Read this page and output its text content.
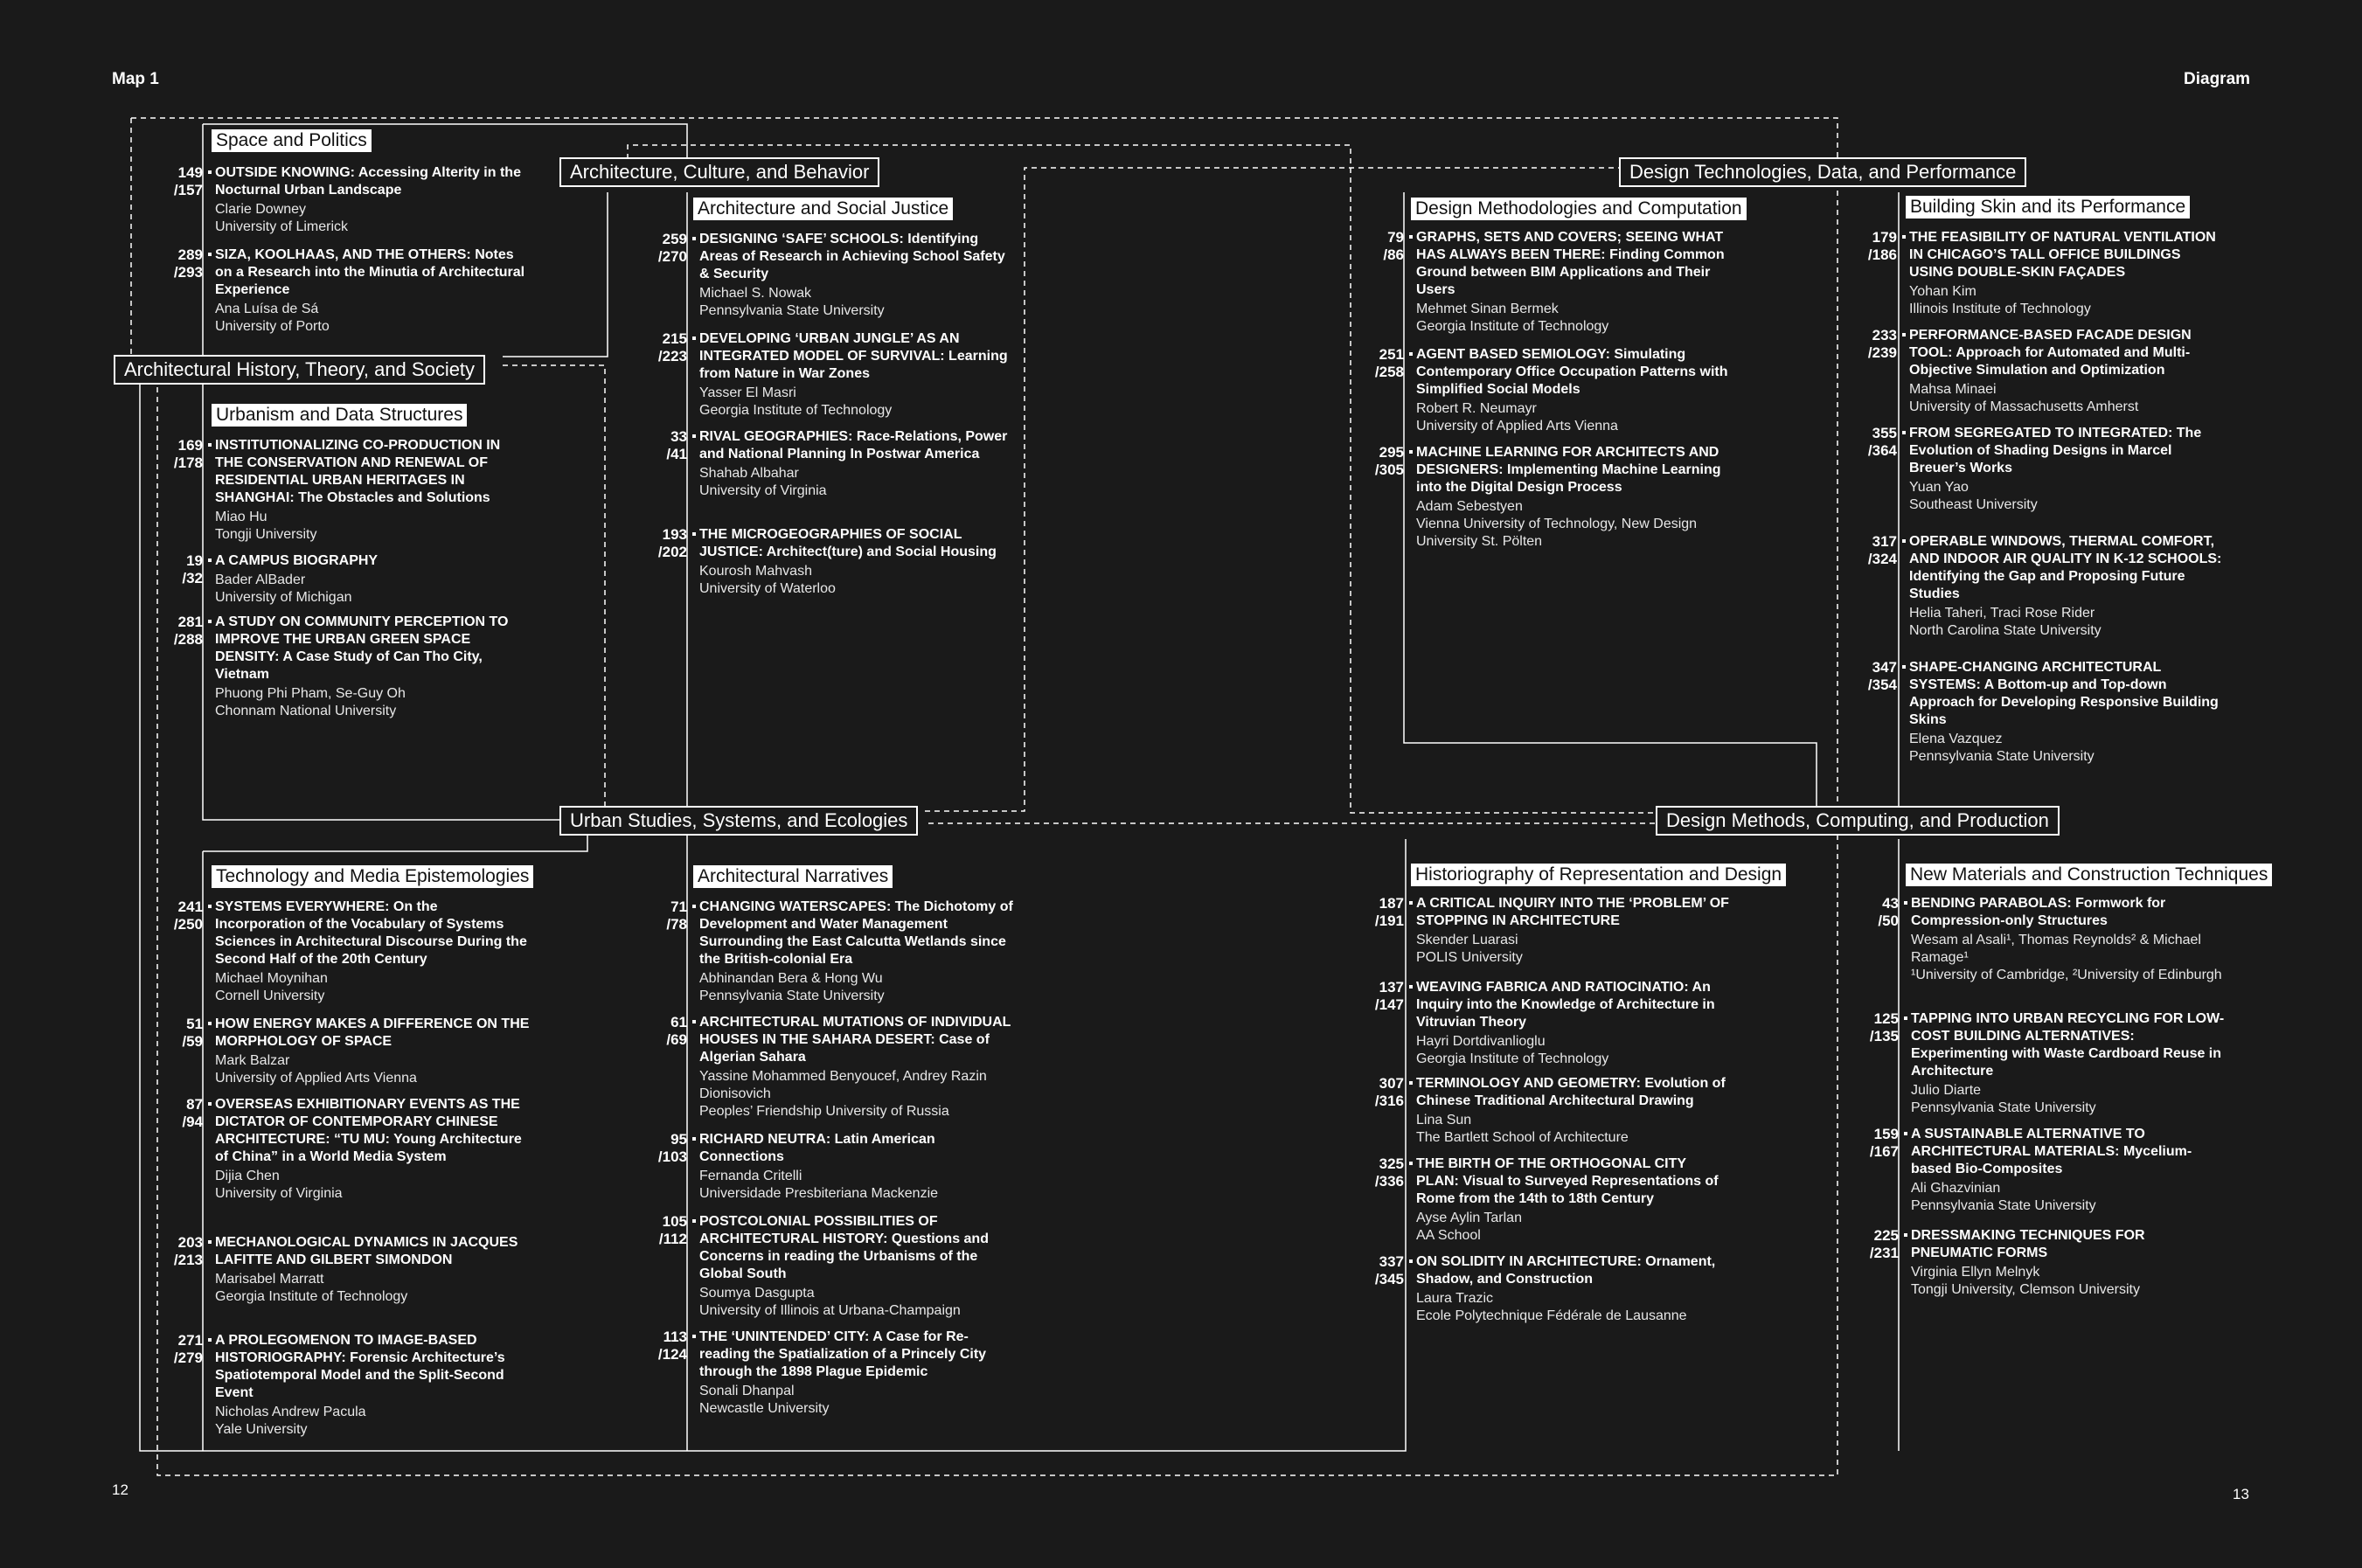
Map 1	Diagram
12	13
Architectural History, Theory, and Society
Architecture, Culture, and Behavior
Urban Studies, Systems, and Ecologies
Design Technologies, Data, and Performance
Design Methods, Computing, and Production
Space and Politics
Urbanism and Data Structures
Architecture and Social Justice	Design Methodologies and Computation	Building Skin and its Performance
Technology and Media Epistemologies	Architectural Narratives	Historiography of Representation and Design	New Materials and Construction Techniques
149
/157
OUTSIDE KNOWING: Accessing Alterity in the Nocturnal Urban Landscape
Clarie Downey
University of Limerick
289
/293
SIZA, KOOLHAAS, AND THE OTHERS: Notes on a Research into the Minutia of Architectural Experience
Ana Luísa de Sá
University of Porto
169
/178
INSTITUTIONALIZING CO-PRODUCTION IN THE CONSERVATION AND RENEWAL OF RESIDENTIAL URBAN HERITAGES IN SHANGHAI: The Obstacles and Solutions
Miao Hu
Tongji University
19
/32
A CAMPUS BIOGRAPHY
Bader AlBader
University of Michigan
281
/288
A STUDY ON COMMUNITY PERCEPTION TO IMPROVE THE URBAN GREEN SPACE DENSITY: A Case Study of Can Tho City, Vietnam
Phuong Phi Pham, Se-Guy Oh
Chonnam National University
259
/270
DESIGNING ‘SAFE’ SCHOOLS: Identifying Areas of Research in Achieving School Safety & Security
Michael S. Nowak
Pennsylvania State University
215
/223
DEVELOPING ‘URBAN JUNGLE’ AS AN INTEGRATED MODEL OF SURVIVAL: Learning from Nature in War Zones
Yasser El Masri
Georgia Institute of Technology
33
/41
RIVAL GEOGRAPHIES: Race-Relations, Power and National Planning In Postwar America
Shahab Albahar
University of Virginia
193
/202
THE MICROGEOGRAPHIES OF SOCIAL JUSTICE: Architect(ture) and Social Housing
Kourosh Mahvash
University of Waterloo
79
/86
GRAPHS, SETS AND COVERS; SEEING WHAT HAS ALWAYS BEEN THERE: Finding Common Ground between BIM Applications and Their Users
Mehmet Sinan Bermek
Georgia Institute of Technology
251
/258
AGENT BASED SEMIOLOGY: Simulating Contemporary Office Occupation Patterns with Simplified Social Models
Robert R. Neumayr
University of Applied Arts Vienna
295
/305
MACHINE LEARNING FOR ARCHITECTS AND DESIGNERS: Implementing Machine Learning into the Digital Design Process
Adam Sebestyen
Vienna University of Technology, New Design University St. Pölten
179
/186
THE FEASIBILITY OF NATURAL VENTILATION IN CHICAGO’S TALL OFFICE BUILDINGS USING DOUBLE-SKIN FAÇADES
Yohan Kim
Illinois Institute of Technology
233
/239
PERFORMANCE-BASED FACADE DESIGN TOOL: Approach for Automated and Multi-Objective Simulation and Optimization
Mahsa Minaei
University of Massachusetts Amherst
355
/364
FROM SEGREGATED TO INTEGRATED: The Evolution of Shading Designs in Marcel Breuer’s Works
Yuan Yao
Southeast University
317
/324
OPERABLE WINDOWS, THERMAL COMFORT, AND INDOOR AIR QUALITY IN K-12 SCHOOLS: Identifying the Gap and Proposing Future Studies
Helia Taheri, Traci Rose Rider
North Carolina State University
347
/354
SHAPE-CHANGING ARCHITECTURAL SYSTEMS: A Bottom-up and Top-down Approach for Developing Responsive Building Skins
Elena Vazquez
Pennsylvania State University
241
/250
SYSTEMS EVERYWHERE: On the Incorporation of the Vocabulary of Systems Sciences in Architectural Discourse During the Second Half of the 20th Century
Michael Moynihan
Cornell University
51
/59
HOW ENERGY MAKES A DIFFERENCE ON THE MORPHOLOGY OF SPACE
Mark Balzar
University of Applied Arts Vienna
87
/94
OVERSEAS EXHIBITIONARY EVENTS AS THE DICTATOR OF CONTEMPORARY CHINESE ARCHITECTURE: “TU MU: Young Architecture of China” in a World Media System
Dijia Chen
University of Virginia
203
/213
MECHANOLOGICAL DYNAMICS IN JACQUES LAFITTE AND GILBERT SIMONDON
Marisabel Marratt
Georgia Institute of Technology
271
/279
A PROLEGOMENON TO IMAGE-BASED HISTORIOGRAPHY: Forensic Architecture’s Spatiotemporal Model and the Split-Second Event
Nicholas Andrew Pacula
Yale University
71
/78
CHANGING WATERSCAPES: The Dichotomy of Development and Water Management Surrounding the East Calcutta Wetlands since the British-colonial Era
Abhinandan Bera & Hong Wu
Pennsylvania State University
61
/69
ARCHITECTURAL MUTATIONS OF INDIVIDUAL HOUSES IN THE SAHARA DESERT: Case of Algerian Sahara
Yassine Mohammed Benyoucef, Andrey Razin Dionisovich
Peoples’ Friendship University of Russia
95
/103
RICHARD NEUTRA: Latin American Connections
Fernanda Critelli
Universidade Presbiteriana Mackenzie
105
/112
POSTCOLONIAL POSSIBILITIES OF ARCHITECTURAL HISTORY: Questions and Concerns in reading the Urbanisms of the Global South
Soumya Dasgupta
University of Illinois at Urbana-Champaign
113
/124
THE ‘UNINTENDED’ CITY: A Case for Re-reading the Spatialization of a Princely City through the 1898 Plague Epidemic
Sonali Dhanpal
Newcastle University
187
/191
A CRITICAL INQUIRY INTO THE ‘PROBLEM’ OF STOPPING IN ARCHITECTURE
Skender Luarasi
POLIS University
137
/147
WEAVING FABRICA AND RATIOCINATIO: An Inquiry into the Knowledge of Architecture in Vitruvian Theory
Hayri Dortdivanlioglu
Georgia Institute of Technology
307
/316
TERMINOLOGY AND GEOMETRY: Evolution of Chinese Traditional Architectural Drawing
Lina Sun
The Bartlett School of Architecture
325
/336
THE BIRTH OF THE ORTHOGONAL CITY PLAN: Visual to Surveyed Representations of Rome from the 14th to 18th Century
Ayse Aylin Tarlan
AA School
337
/345
ON SOLIDITY IN ARCHITECTURE: Ornament, Shadow, and Construction
Laura Trazic
Ecole Polytechnique Fédérale de Lausanne
43
/50
BENDING PARABOLAS: Formwork for Compression-only Structures
Wesam al Asali¹, Thomas Reynolds² & Michael Ramage¹
¹University of Cambridge, ²University of Edinburgh
125
/135
TAPPING INTO URBAN RECYCLING FOR LOW-COST BUILDING ALTERNATIVES: Experimenting with Waste Cardboard Reuse in Architecture
Julio Diarte
Pennsylvania State University
159
/167
A SUSTAINABLE ALTERNATIVE TO ARCHITECTURAL MATERIALS: Mycelium-based Bio-Composites
Ali Ghazvinian
Pennsylvania State University
225
/231
DRESSMAKING TECHNIQUES FOR PNEUMATIC FORMS
Virginia Ellyn Melnyk
Tongji University, Clemson University
